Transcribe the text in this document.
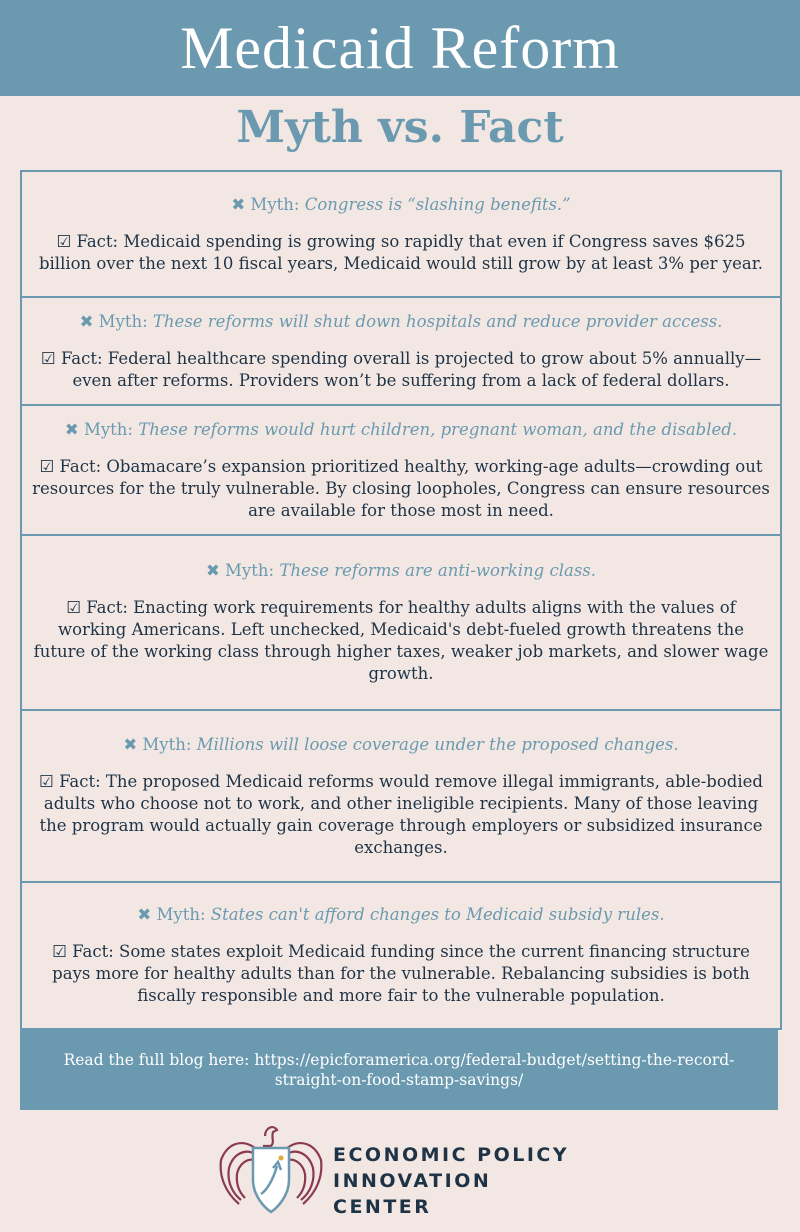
Medicaid Reform
Myth vs. Fact
✖ Myth: Congress is “slashing benefits.”
☑ Fact: Medicaid spending is growing so rapidly that even if Congress saves $625 billion over the next 10 fiscal years, Medicaid would still grow by at least 3% per year.
✖ Myth: These reforms will shut down hospitals and reduce provider access.
☑ Fact: Federal healthcare spending overall is projected to grow about 5% annually—even after reforms. Providers won’t be suffering from a lack of federal dollars.
✖ Myth: These reforms would hurt children, pregnant woman, and the disabled.
☑ Fact: Obamacare’s expansion prioritized healthy, working-age adults—crowding out resources for the truly vulnerable. By closing loopholes, Congress can ensure resources are available for those most in need.
✖ Myth: These reforms are anti-working class.
☑ Fact: Enacting work requirements for healthy adults aligns with the values of working Americans. Left unchecked, Medicaid's debt-fueled growth threatens the future of the working class through higher taxes, weaker job markets, and slower wage growth.
✖ Myth: Millions will loose coverage under the proposed changes.
☑ Fact: The proposed Medicaid reforms would remove illegal immigrants, able-bodied adults who choose not to work, and other ineligible recipients. Many of those leaving the program would actually gain coverage through employers or subsidized insurance exchanges.
✖ Myth: States can't afford changes to Medicaid subsidy rules.
☑ Fact: Some states exploit Medicaid funding since the current financing structure pays more for healthy adults than for the vulnerable. Rebalancing subsidies is both fiscally responsible and more fair to the vulnerable population.
Read the full blog here: https://epicforamerica.org/federal-budget/setting-the-record-straight-on-food-stamp-savings/
ECONOMIC POLICY
INNOVATION CENTER
